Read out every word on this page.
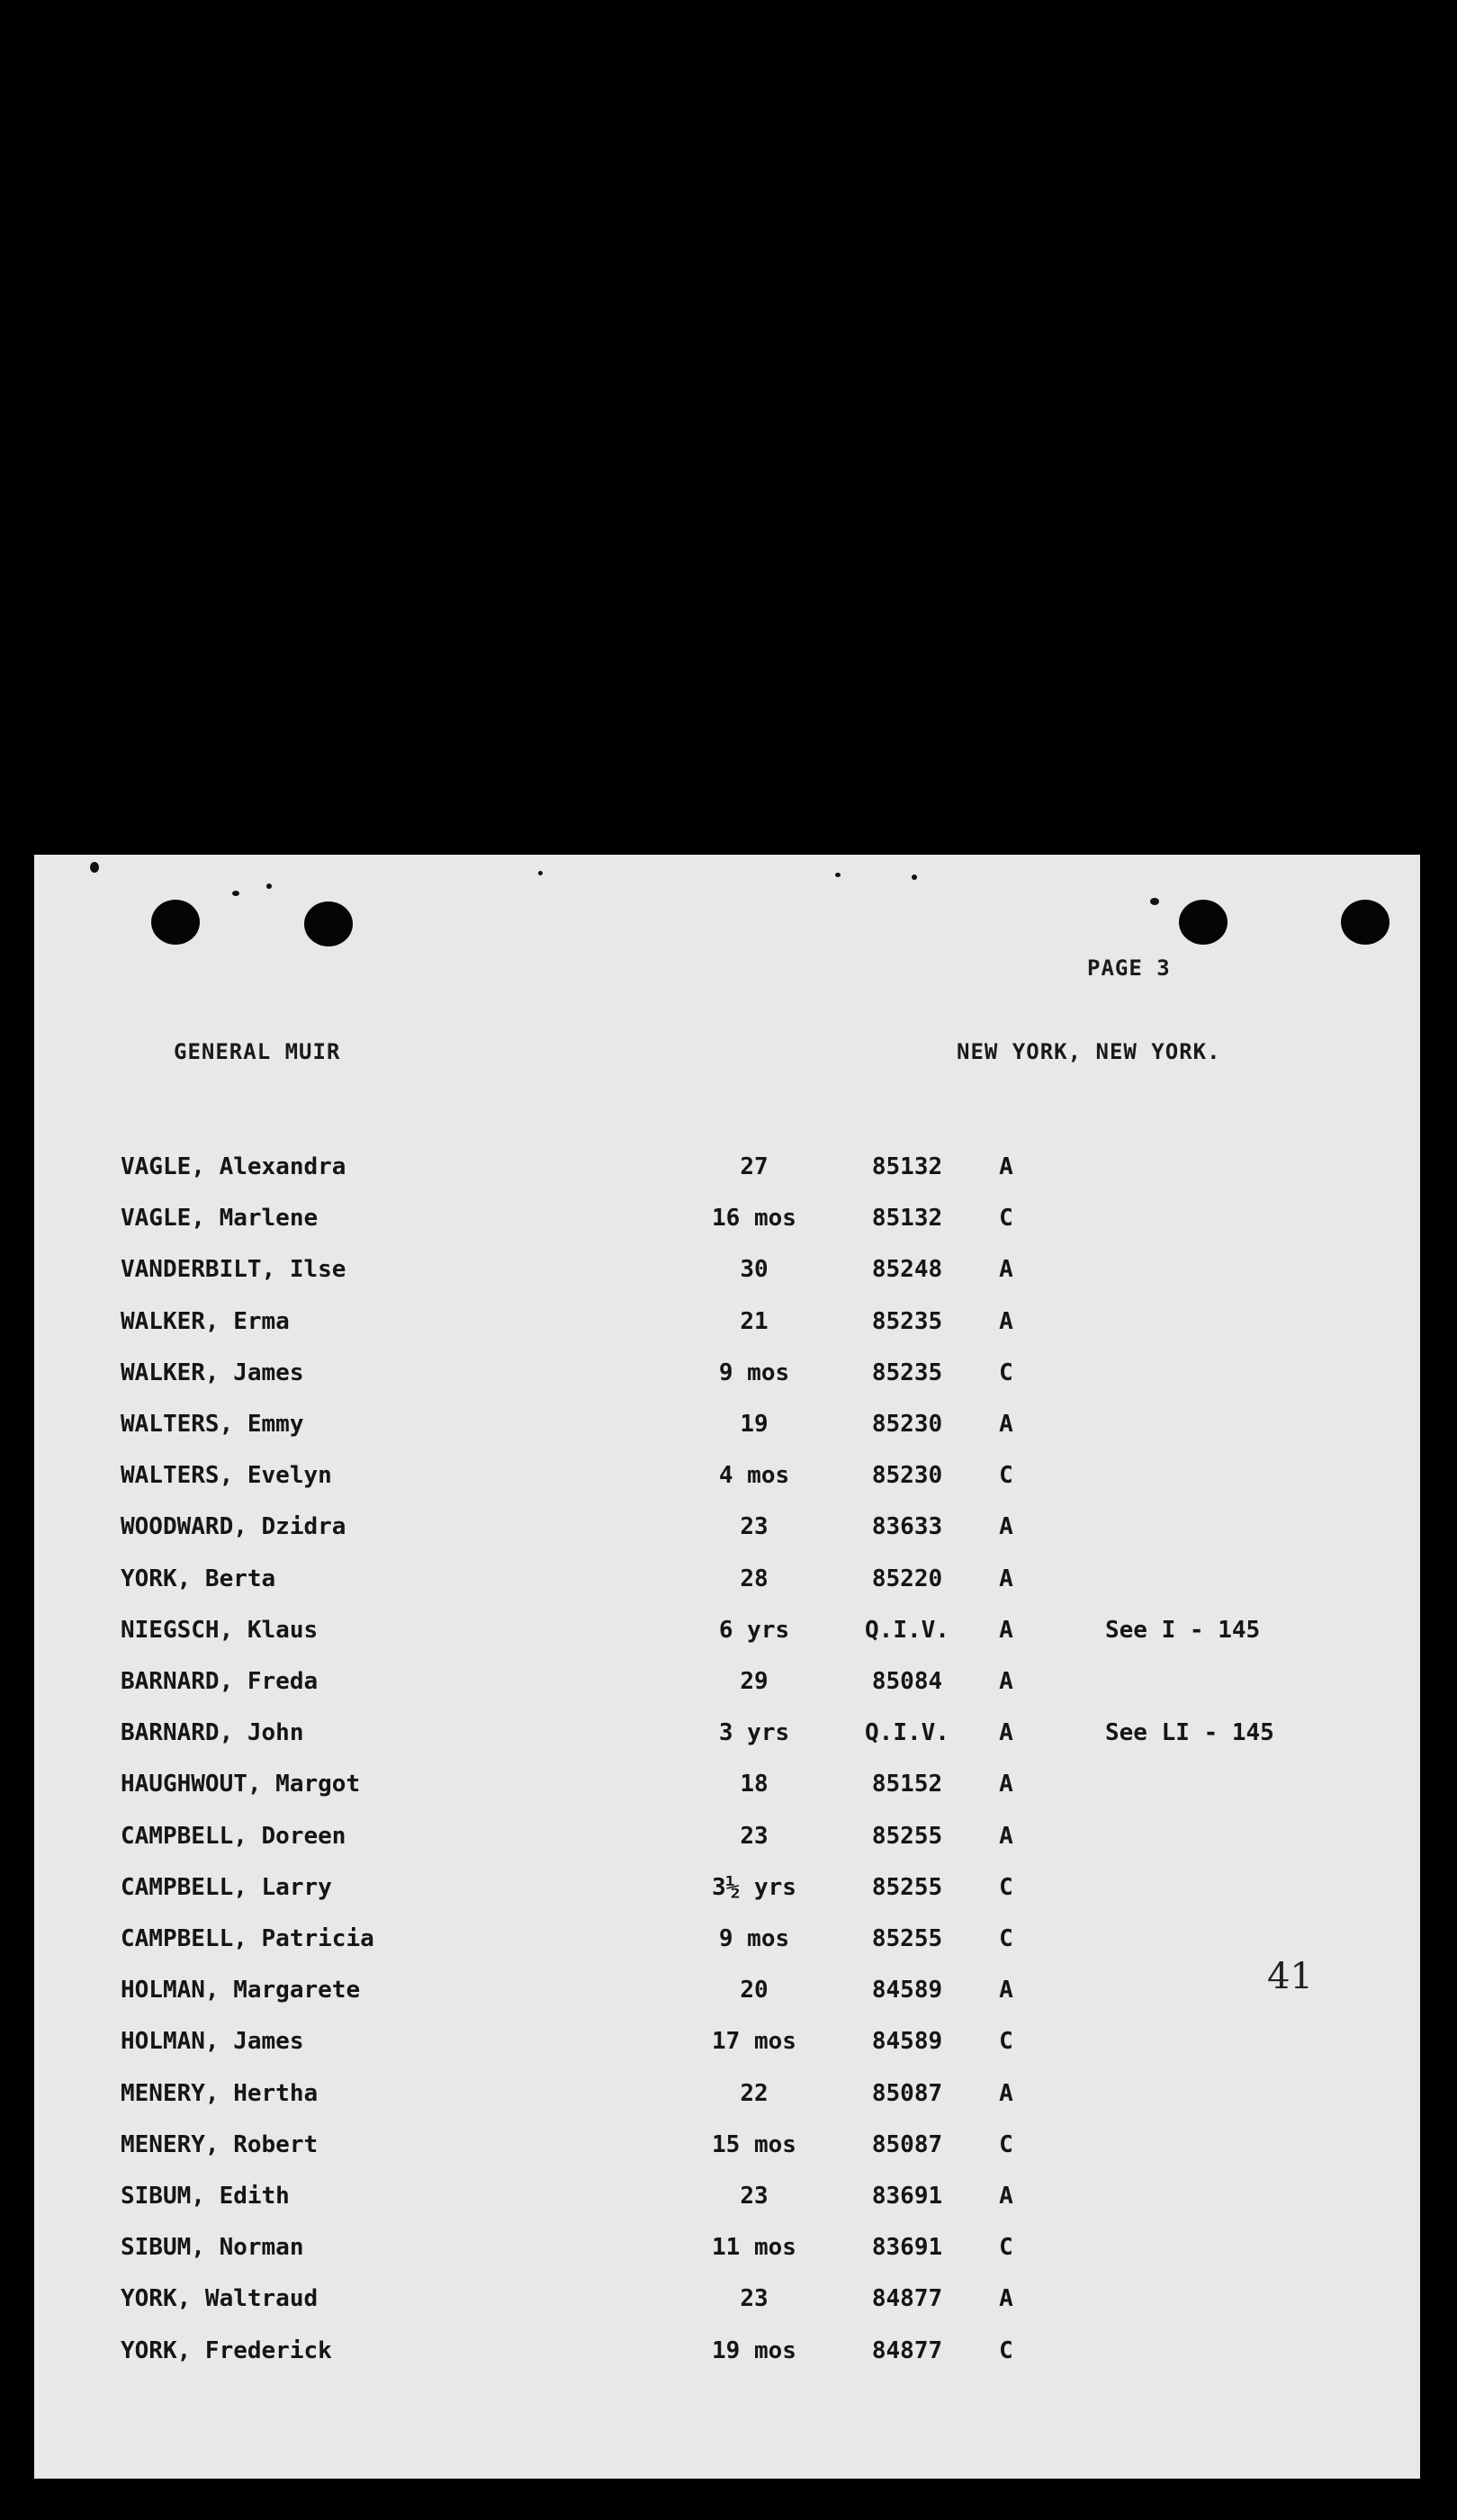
PAGE 3
GENERAL MUIR	NEW YORK, NEW YORK.
VAGLE, Alexandra	27	85132	A
VAGLE, Marlene	16 mos	85132	C
VANDERBILT, Ilse	30	85248	A
WALKER, Erma	21	85235	A
WALKER, James	9 mos	85235	C
WALTERS, Emmy	19	85230	A
WALTERS, Evelyn	4 mos	85230	C
WOODWARD, Dzidra	23	83633	A
YORK, Berta	28	85220	A
NIEGSCH, Klaus	6 yrs	Q.I.V.	A	See I - 145
BARNARD, Freda	29	85084	A
BARNARD, John	3 yrs	Q.I.V.	A	See LI - 145
HAUGHWOUT, Margot	18	85152	A
CAMPBELL, Doreen	23	85255	A
CAMPBELL, Larry	3½ yrs	85255	C
CAMPBELL, Patricia	9 mos	85255	C
HOLMAN, Margarete	20	84589	A
HOLMAN, James	17 mos	84589	C
MENERY, Hertha	22	85087	A
MENERY, Robert	15 mos	85087	C
SIBUM, Edith	23	83691	A
SIBUM, Norman	11 mos	83691	C
YORK, Waltraud	23	84877	A
YORK, Frederick	19 mos	84877	C
41
